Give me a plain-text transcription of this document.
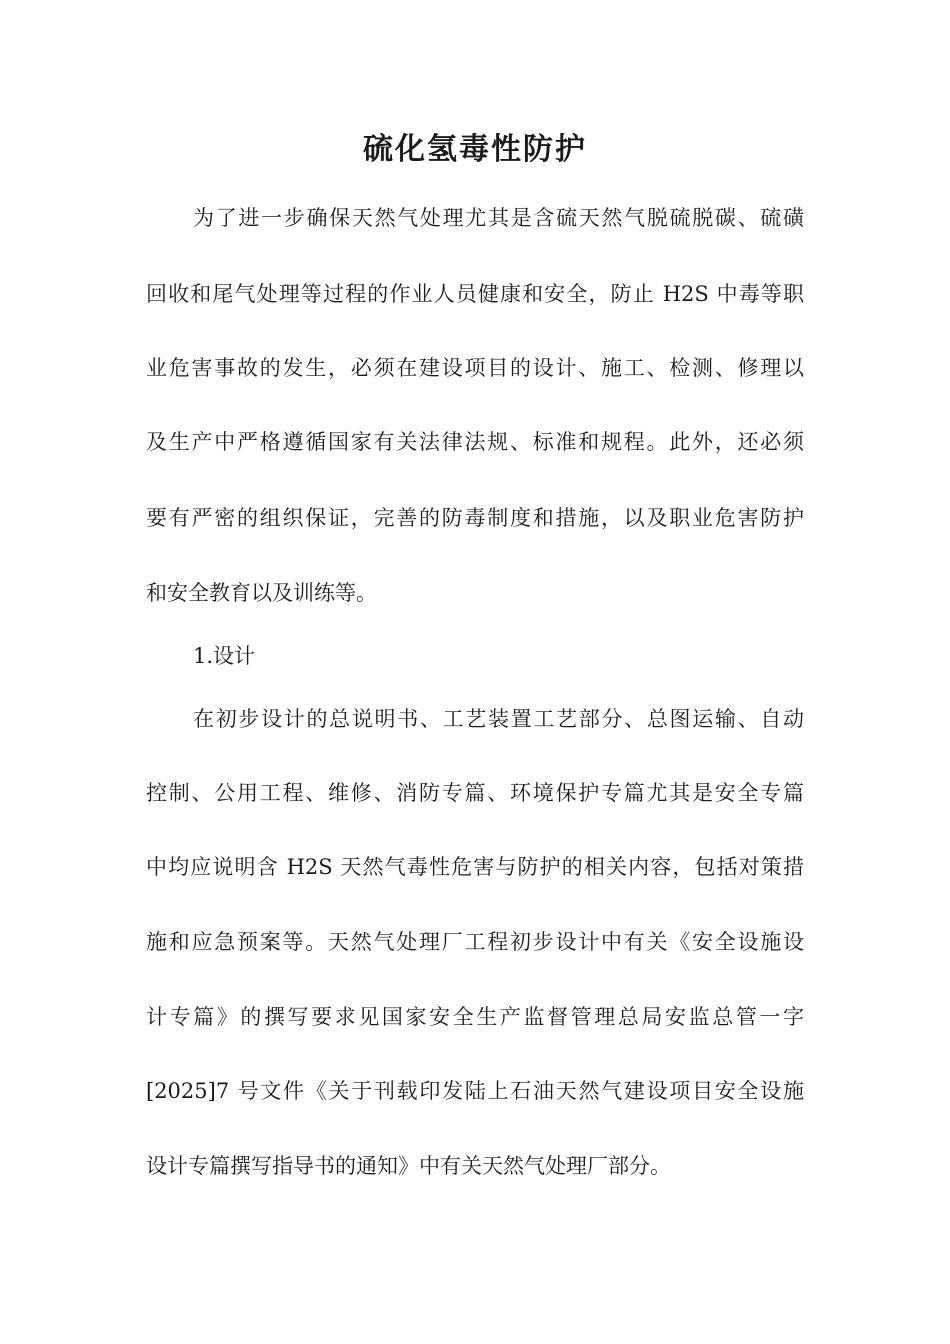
硫化氢毒性防护
为了进一步确保天然气处理尤其是含硫天然气脱硫脱碳、硫磺
回收和尾气处理等过程的作业人员健康和安全，防止 H2S 中毒等职
业危害事故的发生，必须在建设项目的设计、施工、检测、修理以
及生产中严格遵循国家有关法律法规、标准和规程。此外，还必须
要有严密的组织保证，完善的防毒制度和措施，以及职业危害防护
和安全教育以及训练等。
1.设计
在初步设计的总说明书、工艺装置工艺部分、总图运输、自动
控制、公用工程、维修、消防专篇、环境保护专篇尤其是安全专篇
中均应说明含 H2S 天然气毒性危害与防护的相关内容，包括对策措
施和应急预案等。天然气处理厂工程初步设计中有关《安全设施设
计专篇》的撰写要求见国家安全生产监督管理总局安监总管一字
[2025]7 号文件《关于刊载印发陆上石油天然气建设项目安全设施
设计专篇撰写指导书的通知》中有关天然气处理厂部分。
